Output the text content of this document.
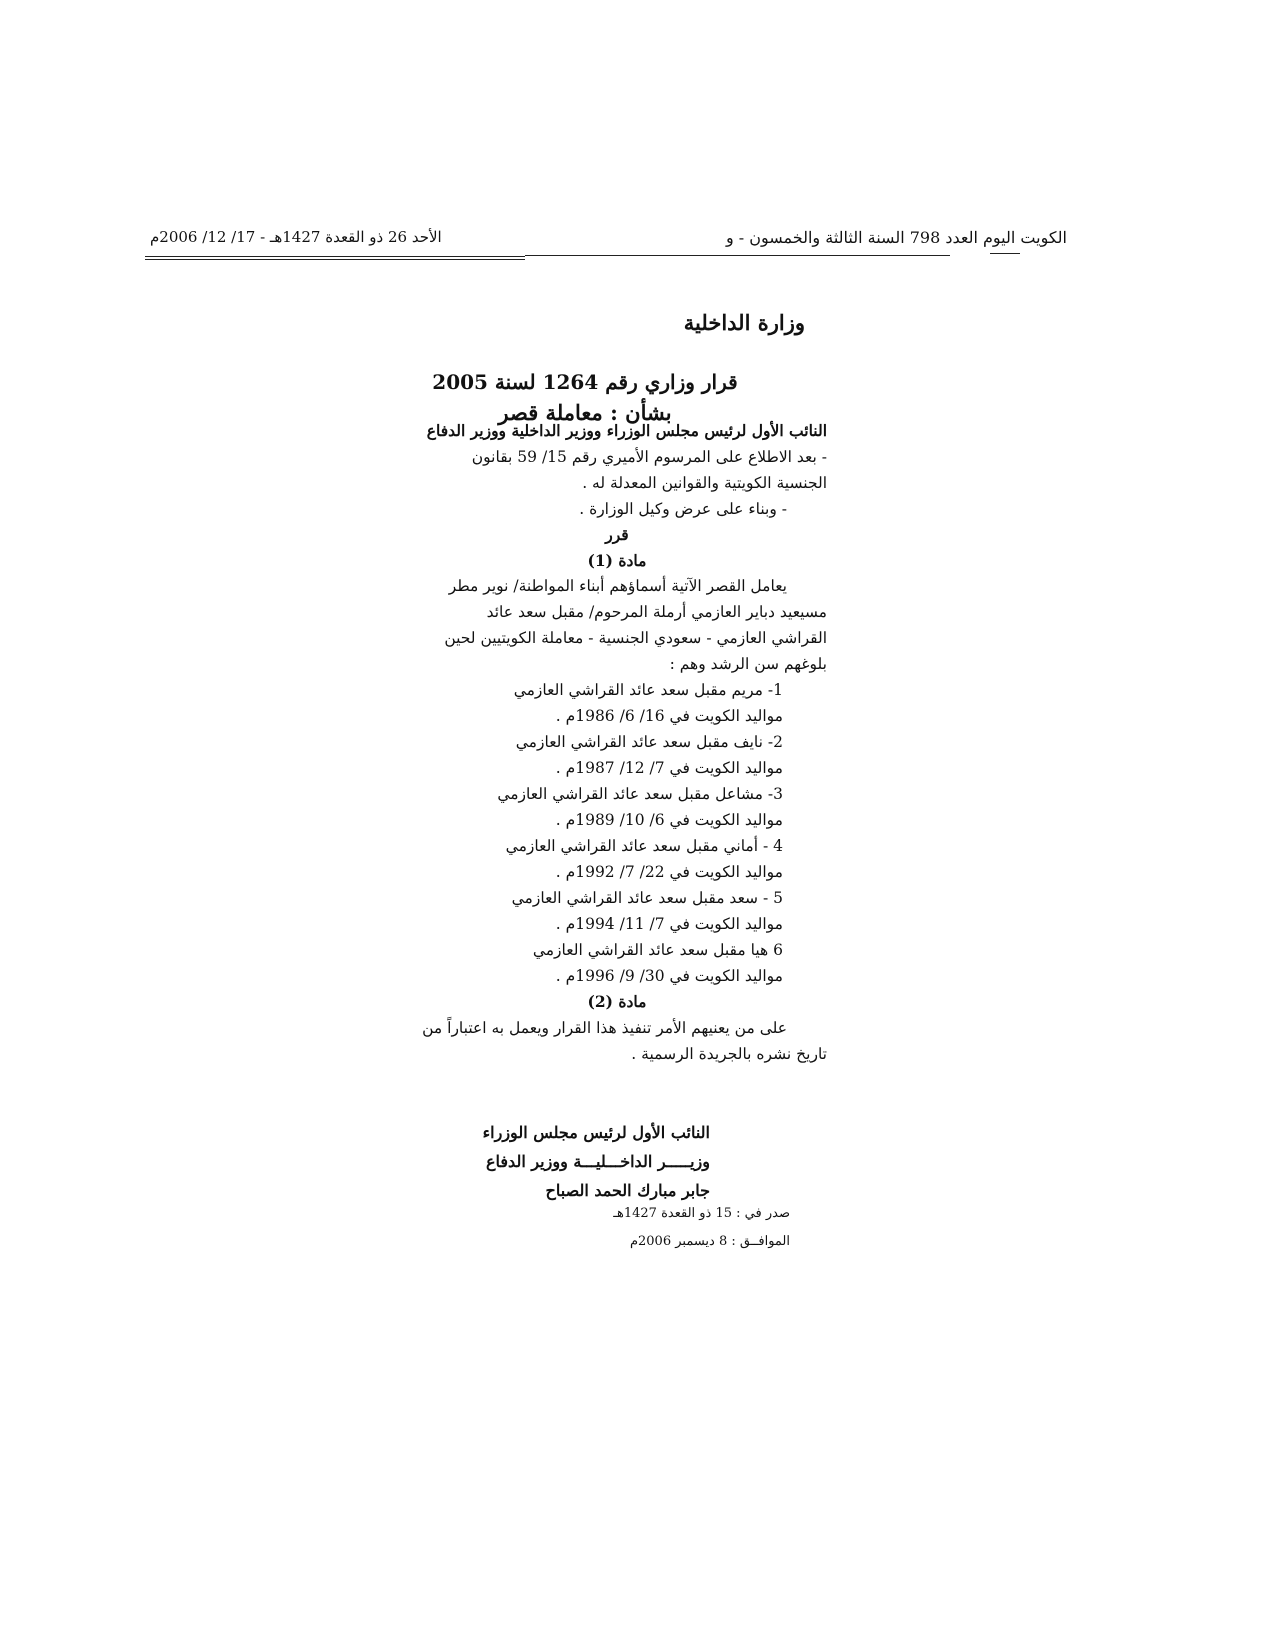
الأحد 26 ذو القعدة 1427هـ - 17/ 12/ 2006م	الكويت اليوم العدد 798 السنة الثالثة والخمسون - و
وزارة الداخلية
قرار وزاري رقم 1264 لسنة 2005
بشأن : معاملة قصر
النائب الأول لرئيس مجلس الوزراء ووزير الداخلية ووزير الدفاع
- بعد الاطلاع على المرسوم الأميري رقم 15/ 59 بقانون
الجنسية الكويتية والقوانين المعدلة له .
- وبناء على عرض وكيل الوزارة .
قرر
مادة (1)
يعامل القصر الآتية أسماؤهم أبناء المواطنة/ نوير مطر
مسيعيد دباير العازمي أرملة المرحوم/ مقبل سعد عائد
القراشي العازمي - سعودي الجنسية - معاملة الكويتيين لحين
بلوغهم سن الرشد وهم :
1- مريم مقبل سعد عائد القراشي العازمي
مواليد الكويت في 16/ 6/ 1986م .
2- نايف مقبل سعد عائد القراشي العازمي
مواليد الكويت في 7/ 12/ 1987م .
3- مشاعل مقبل سعد عائد القراشي العازمي
مواليد الكويت في 6/ 10/ 1989م .
4 - أماني مقبل سعد عائد القراشي العازمي
مواليد الكويت في 22/ 7/ 1992م .
5 - سعد مقبل سعد عائد القراشي العازمي
مواليد الكويت في 7/ 11/ 1994م .
6 هيا مقبل سعد عائد القراشي العازمي
مواليد الكويت في 30/ 9/ 1996م .
مادة (2)
على من يعنيهم الأمر تنفيذ هذا القرار ويعمل به اعتباراً من
تاريخ نشره بالجريدة الرسمية .
النائب الأول لرئيس مجلس الوزراء
وزيـــــر الداخـــليـــة ووزير الدفاع
جابر مبارك الحمد الصباح
صدر في : 15 ذو القعدة 1427هـ
الموافــق : 8 ديسمبر 2006م
